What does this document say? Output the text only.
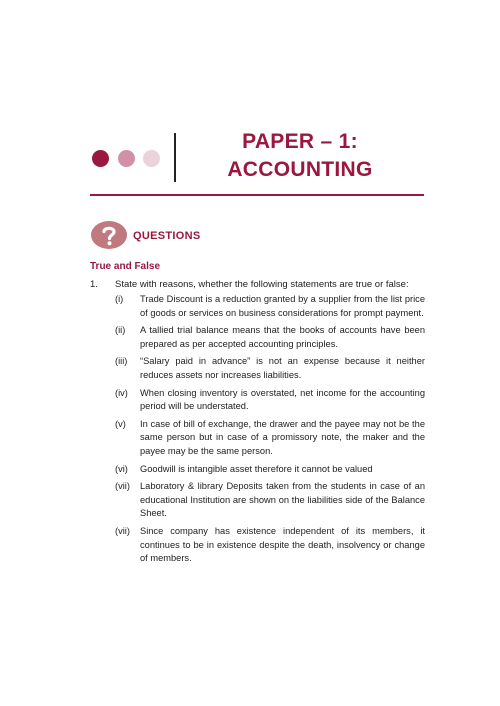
PAPER – 1:
ACCOUNTING
QUESTIONS
True and False
1. State with reasons, whether the following statements are true or false:
(i)	Trade Discount is a reduction granted by a supplier from the list price of goods or services on business considerations for prompt payment.
(ii)	A tallied trial balance means that the books of accounts have been prepared as per accepted accounting principles.
(iii)	“Salary paid in advance” is not an expense because it neither reduces assets nor increases liabilities.
(iv)	When closing inventory is overstated, net income for the accounting period will be understated.
(v)	In case of bill of exchange, the drawer and the payee may not be the same person but in case of a promissory note, the maker and the payee may be the same person.
(vi)	Goodwill is intangible asset therefore it cannot be valued
(vii)	Laboratory & library Deposits taken from the students in case of an educational Institution are shown on the liabilities side of the Balance Sheet.
(vii)	Since company has existence independent of its members, it continues to be in existence despite the death, insolvency or change of members.
